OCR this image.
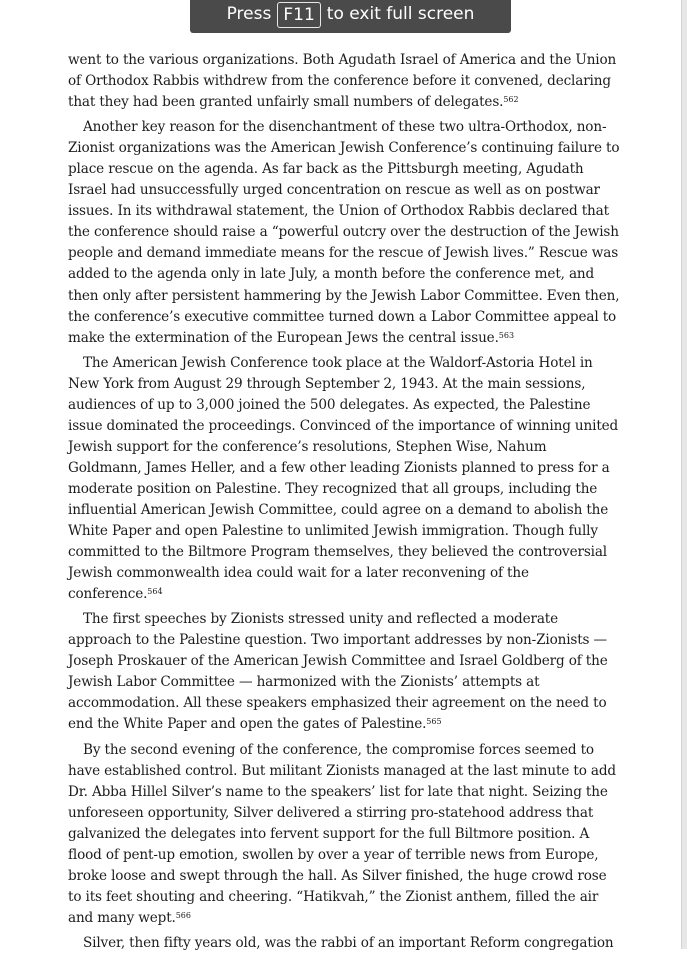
went to the various organizations. Both Agudath Israel of America and the Union of Orthodox Rabbis withdrew from the conference before it convened, declaring that they had been granted unfairly small numbers of delegates.$^{562}$

Another key reason for the disenchantment of these two ultra-Orthodox, non-Zionist organizations was the American Jewish Conference’s continuing failure to place rescue on the agenda. As far back as the Pittsburgh meeting, Agudath Israel had unsuccessfully urged concentration on rescue as well as on postwar issues. In its withdrawal statement, the Union of Orthodox Rabbis declared that the conference should raise a “powerful outcry over the destruction of the Jewish people and demand immediate means for the rescue of Jewish lives.” Rescue was added to the agenda only in late July, a month before the conference met, and then only after persistent hammering by the Jewish Labor Committee. Even then, the conference’s executive committee turned down a Labor Committee appeal to make the extermination of the European Jews the central issue.$^{563}$

The American Jewish Conference took place at the Waldorf-Astoria Hotel in New York from August 29 through September 2, 1943. At the main sessions, audiences of up to 3,000 joined the 500 delegates. As expected, the Palestine issue dominated the proceedings. Convinced of the importance of winning united Jewish support for the conference’s resolutions, Stephen Wise, Nahum Goldmann, James Heller, and a few other leading Zionists planned to press for a moderate position on Palestine. They recognized that all groups, including the influential American Jewish Committee, could agree on a demand to abolish the White Paper and open Palestine to unlimited Jewish immigration. Though fully committed to the Biltmore Program themselves, they believed the controversial Jewish commonwealth idea could wait for a later reconvening of the conference.$^{564}$

The first speeches by Zionists stressed unity and reflected a moderate approach to the Palestine question. Two important addresses by non-Zionists — Joseph Proskauer of the American Jewish Committee and Israel Goldberg of the Jewish Labor Committee — harmonized with the Zionists’ attempts at accommodation. All these speakers emphasized their agreement on the need to end the White Paper and open the gates of Palestine.$^{565}$

By the second evening of the conference, the compromise forces seemed to have established control. But militant Zionists managed at the last minute to add Dr. Abba Hillel Silver’s name to the speakers’ list for late that night. Seizing the unforeseen opportunity, Silver delivered a stirring pro-statehood address that galvanized the delegates into fervent support for the full Biltmore position. A flood of pent-up emotion, swollen by over a year of terrible news from Europe, broke loose and swept through the hall. As Silver finished, the huge crowd rose to its feet shouting and cheering. “Hatikvah,” the Zionist anthem, filled the air and many wept.$^{566}$

Silver, then fifty years old, was the rabbi of an important Reform congregation

Press F11 to exit full screen
